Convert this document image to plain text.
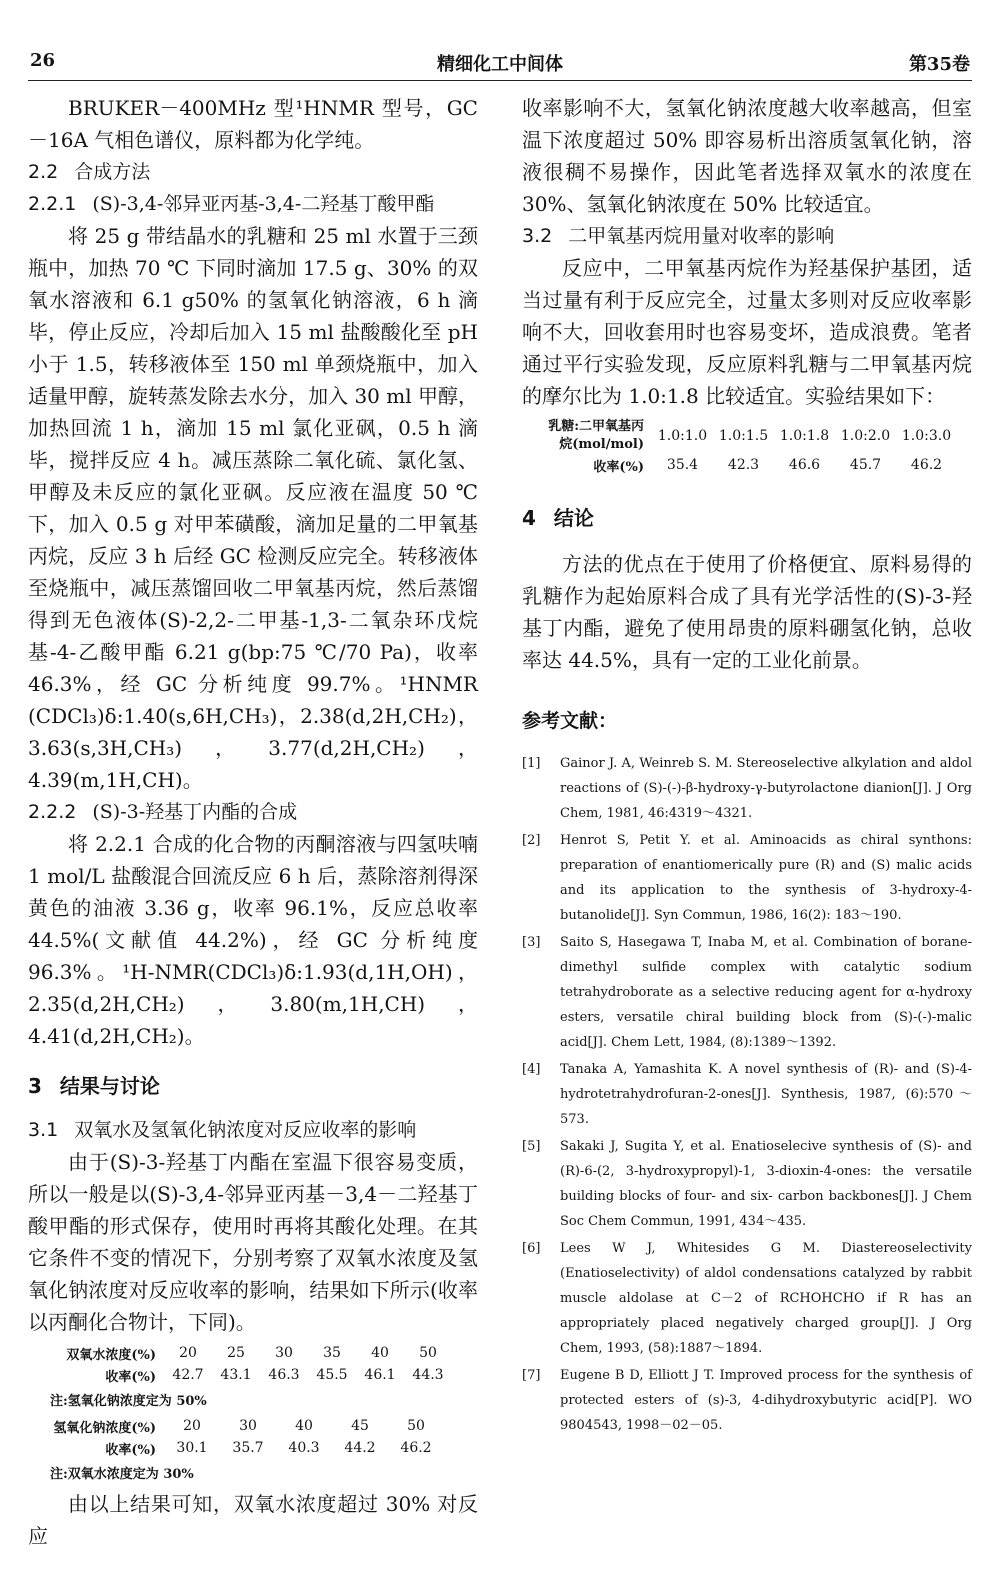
精细化工中间体
26	第35卷

BRUKER－400MHz 型¹HNMR 型号，GC－16A 气相色谱仪，原料都为化学纯。

2.2 合成方法

2.2.1 (S)-3,4-邻异亚丙基-3,4-二羟基丁酸甲酯

将 25 g 带结晶水的乳糖和 25 ml 水置于三颈瓶中，加热 70 ℃ 下同时滴加 17.5 g、30% 的双氧水溶液和 6.1 g50% 的氢氧化钠溶液，6 h 滴毕，停止反应，冷却后加入 15 ml 盐酸酸化至 pH 小于 1.5，转移液体至 150 ml 单颈烧瓶中，加入适量甲醇，旋转蒸发除去水分，加入 30 ml 甲醇，加热回流 1 h，滴加 15 ml 氯化亚砜，0.5 h 滴毕，搅拌反应 4 h。减压蒸除二氧化硫、氯化氢、甲醇及未反应的氯化亚砜。反应液在温度 50 ℃ 下，加入 0.5 g 对甲苯磺酸，滴加足量的二甲氧基丙烷，反应 3 h 后经 GC 检测反应完全。转移液体至烧瓶中，减压蒸馏回收二甲氧基丙烷，然后蒸馏得到无色液体(S)-2,2-二甲基-1,3-二氧杂环戊烷基-4-乙酸甲酯 6.21 g(bp:75 ℃/70 Pa)，收率 46.3%，经 GC 分析纯度 99.7%。¹HNMR (CDCl₃)δ:1.40(s,6H,CH₃)，2.38(d,2H,CH₂)，3.63(s,3H,CH₃)，3.77(d,2H,CH₂)，4.39(m,1H,CH)。

2.2.2 (S)-3-羟基丁内酯的合成

将 2.2.1 合成的化合物的丙酮溶液与四氢呋喃 1 mol/L 盐酸混合回流反应 6 h 后，蒸除溶剂得深黄色的油液 3.36 g，收率 96.1%，反应总收率 44.5%(文献值 44.2%)，经 GC 分析纯度 96.3%。¹H-NMR(CDCl₃)δ:1.93(d,1H,OH)，2.35(d,2H,CH₂)，3.80(m,1H,CH)，4.41(d,2H,CH₂)。

3 结果与讨论

3.1 双氧水及氢氧化钠浓度对反应收率的影响

由于(S)-3-羟基丁内酯在室温下很容易变质，所以一般是以(S)-3,4-邻异亚丙基－3,4－二羟基丁酸甲酯的形式保存，使用时再将其酸化处理。在其它条件不变的情况下，分别考察了双氧水浓度及氢氧化钠浓度对反应收率的影响，结果如下所示(收率以丙酮化合物计，下同)。

双氧水浓度(%)	20	25	30	35	40	50
收率(%)	42.7	43.1	46.3	45.5	46.1	44.3

注:氢氧化钠浓度定为 50%

氢氧化钠浓度(%)	20	30	40	45	50
收率(%)	30.1	35.7	40.3	44.2	46.2

注:双氧水浓度定为 30%

由以上结果可知，双氧水浓度超过 30% 对反应

收率影响不大，氢氧化钠浓度越大收率越高，但室温下浓度超过 50% 即容易析出溶质氢氧化钠，溶液很稠不易操作，因此笔者选择双氧水的浓度在 30%、氢氧化钠浓度在 50% 比较适宜。

3.2 二甲氧基丙烷用量对收率的影响

反应中，二甲氧基丙烷作为羟基保护基团，适当过量有利于反应完全，过量太多则对反应收率影响不大，回收套用时也容易变坏，造成浪费。笔者通过平行实验发现，反应原料乳糖与二甲氧基丙烷的摩尔比为 1.0:1.8 比较适宜。实验结果如下：

乳糖:二甲氧基丙
烷(mol/mol)	1.0:1.0	1.0:1.5	1.0:1.8	1.0:2.0	1.0:3.0
收率(%)	35.4	42.3	46.6	45.7	46.2

4 结论

方法的优点在于使用了价格便宜、原料易得的乳糖作为起始原料合成了具有光学活性的(S)-3-羟基丁内酯，避免了使用昂贵的原料硼氢化钠，总收率达 44.5%，具有一定的工业化前景。

参考文献：

[1] Gainor J. A, Weinreb S. M. Stereoselective alkylation and aldol reactions of (S)-(-)-β-hydroxy-γ-butyrolactone dianion[J]. J Org Chem, 1981, 46:4319～4321.

[2] Henrot S, Petit Y. et al. Aminoacids as chiral synthons: preparation of enantiomerically pure (R) and (S) malic acids and its application to the synthesis of 3-hydroxy-4-butanolide[J]. Syn Commun, 1986, 16(2): 183～190.

[3] Saito S, Hasegawa T, Inaba M, et al. Combination of borane-dimethyl sulfide complex with catalytic sodium tetrahydroborate as a selective reducing agent for α-hydroxy esters, versatile chiral building block from (S)-(-)-malic acid[J]. Chem Lett, 1984, (8):1389～1392.

[4] Tanaka A, Yamashita K. A novel synthesis of (R)- and (S)-4-hydrotetrahydrofuran-2-ones[J]. Synthesis, 1987, (6):570～573.

[5] Sakaki J, Sugita Y, et al. Enatioselecive synthesis of (S)- and (R)-6-(2, 3-hydroxypropyl)-1, 3-dioxin-4-ones: the versatile building blocks of four- and six- carbon backbones[J]. J Chem Soc Chem Commun, 1991, 434～435.

[6] Lees W J, Whitesides G M. Diastereoselectivity (Enatioselectivity) of aldol condensations catalyzed by rabbit muscle aldolase at C－2 of RCHOHCHO if R has an appropriately placed negatively charged group[J]. J Org Chem, 1993, (58):1887～1894.

[7] Eugene B D, Elliott J T. Improved process for the synthesis of protected esters of (s)-3, 4-dihydroxybutyric acid[P]. WO 9804543, 1998－02－05.
